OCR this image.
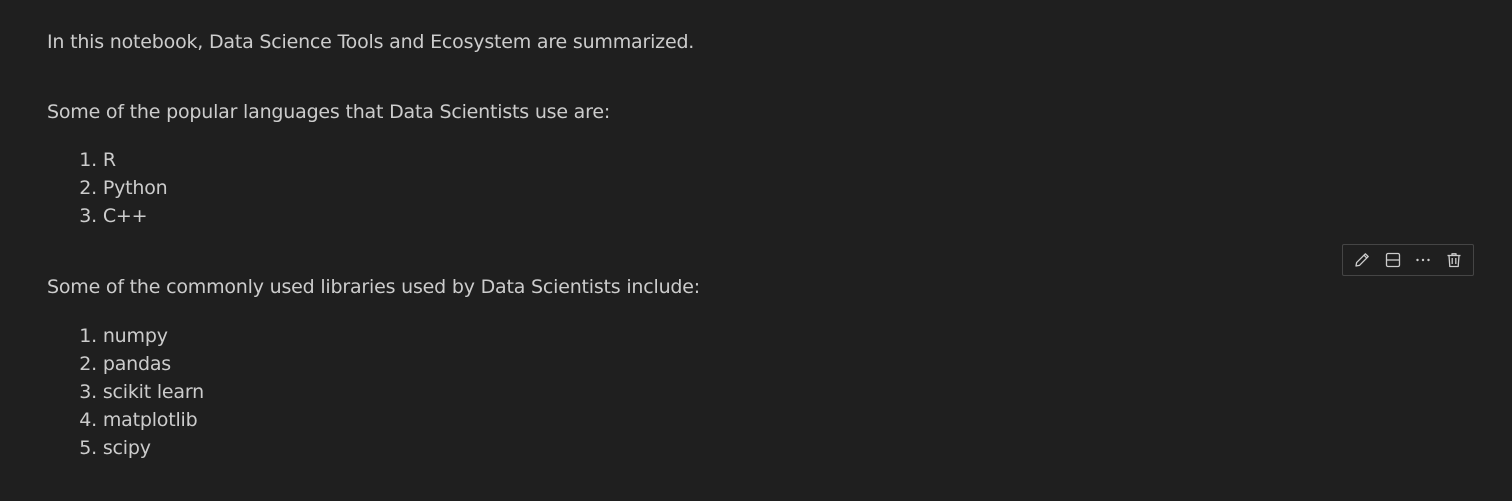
In this notebook, Data Science Tools and Ecosystem are summarized.

Some of the popular languages that Data Scientists use are:

1. R
2. Python
3. C++

Some of the commonly used libraries used by Data Scientists include:

1. numpy
2. pandas
3. scikit learn
4. matplotlib
5. scipy
